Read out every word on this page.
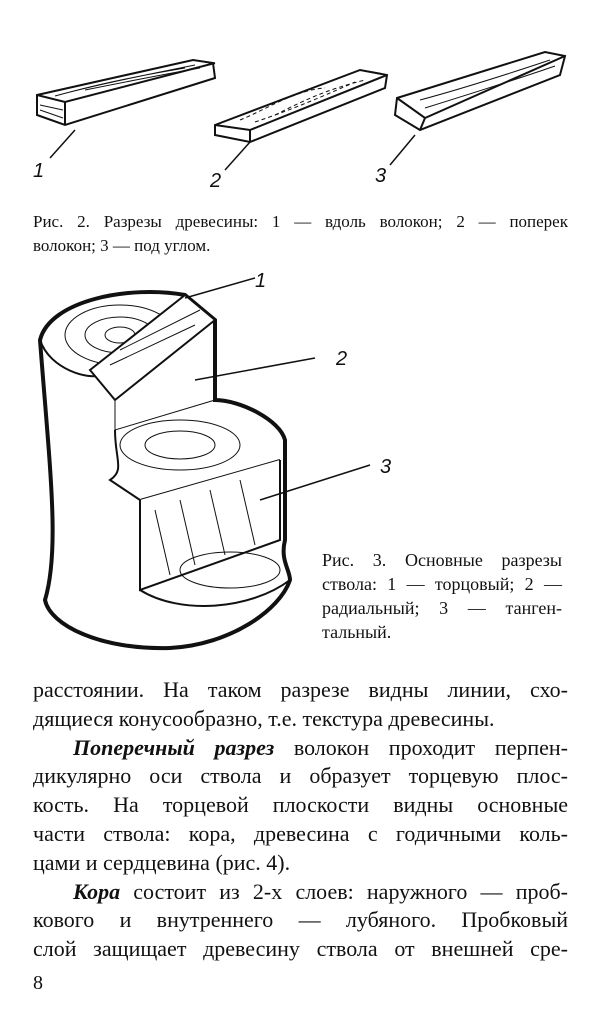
1	2	3
Рис. 2. Разрезы древесины: 1 — вдоль волокон; 2 — поперек
волокон; 3 — под углом.
1
2
3
Рис. 3. Основные разрезы
ствола: 1 — торцовый; 2 —
радиальный; 3 — танген-
тальный.
расстоянии. На таком разрезе видны линии, схо-
дящиеся конусообразно, т.е. текстура древесины.
Поперечный разрез волокон проходит перпен-
дикулярно оси ствола и образует торцевую плос-
кость. На торцевой плоскости видны основные
части ствола: кора, древесина с годичными коль-
цами и сердцевина (рис. 4).
Кора состоит из 2-х слоев: наружного — проб-
кового и внутреннего — лубяного. Пробковый
слой защищает древесину ствола от внешней сре-
8
